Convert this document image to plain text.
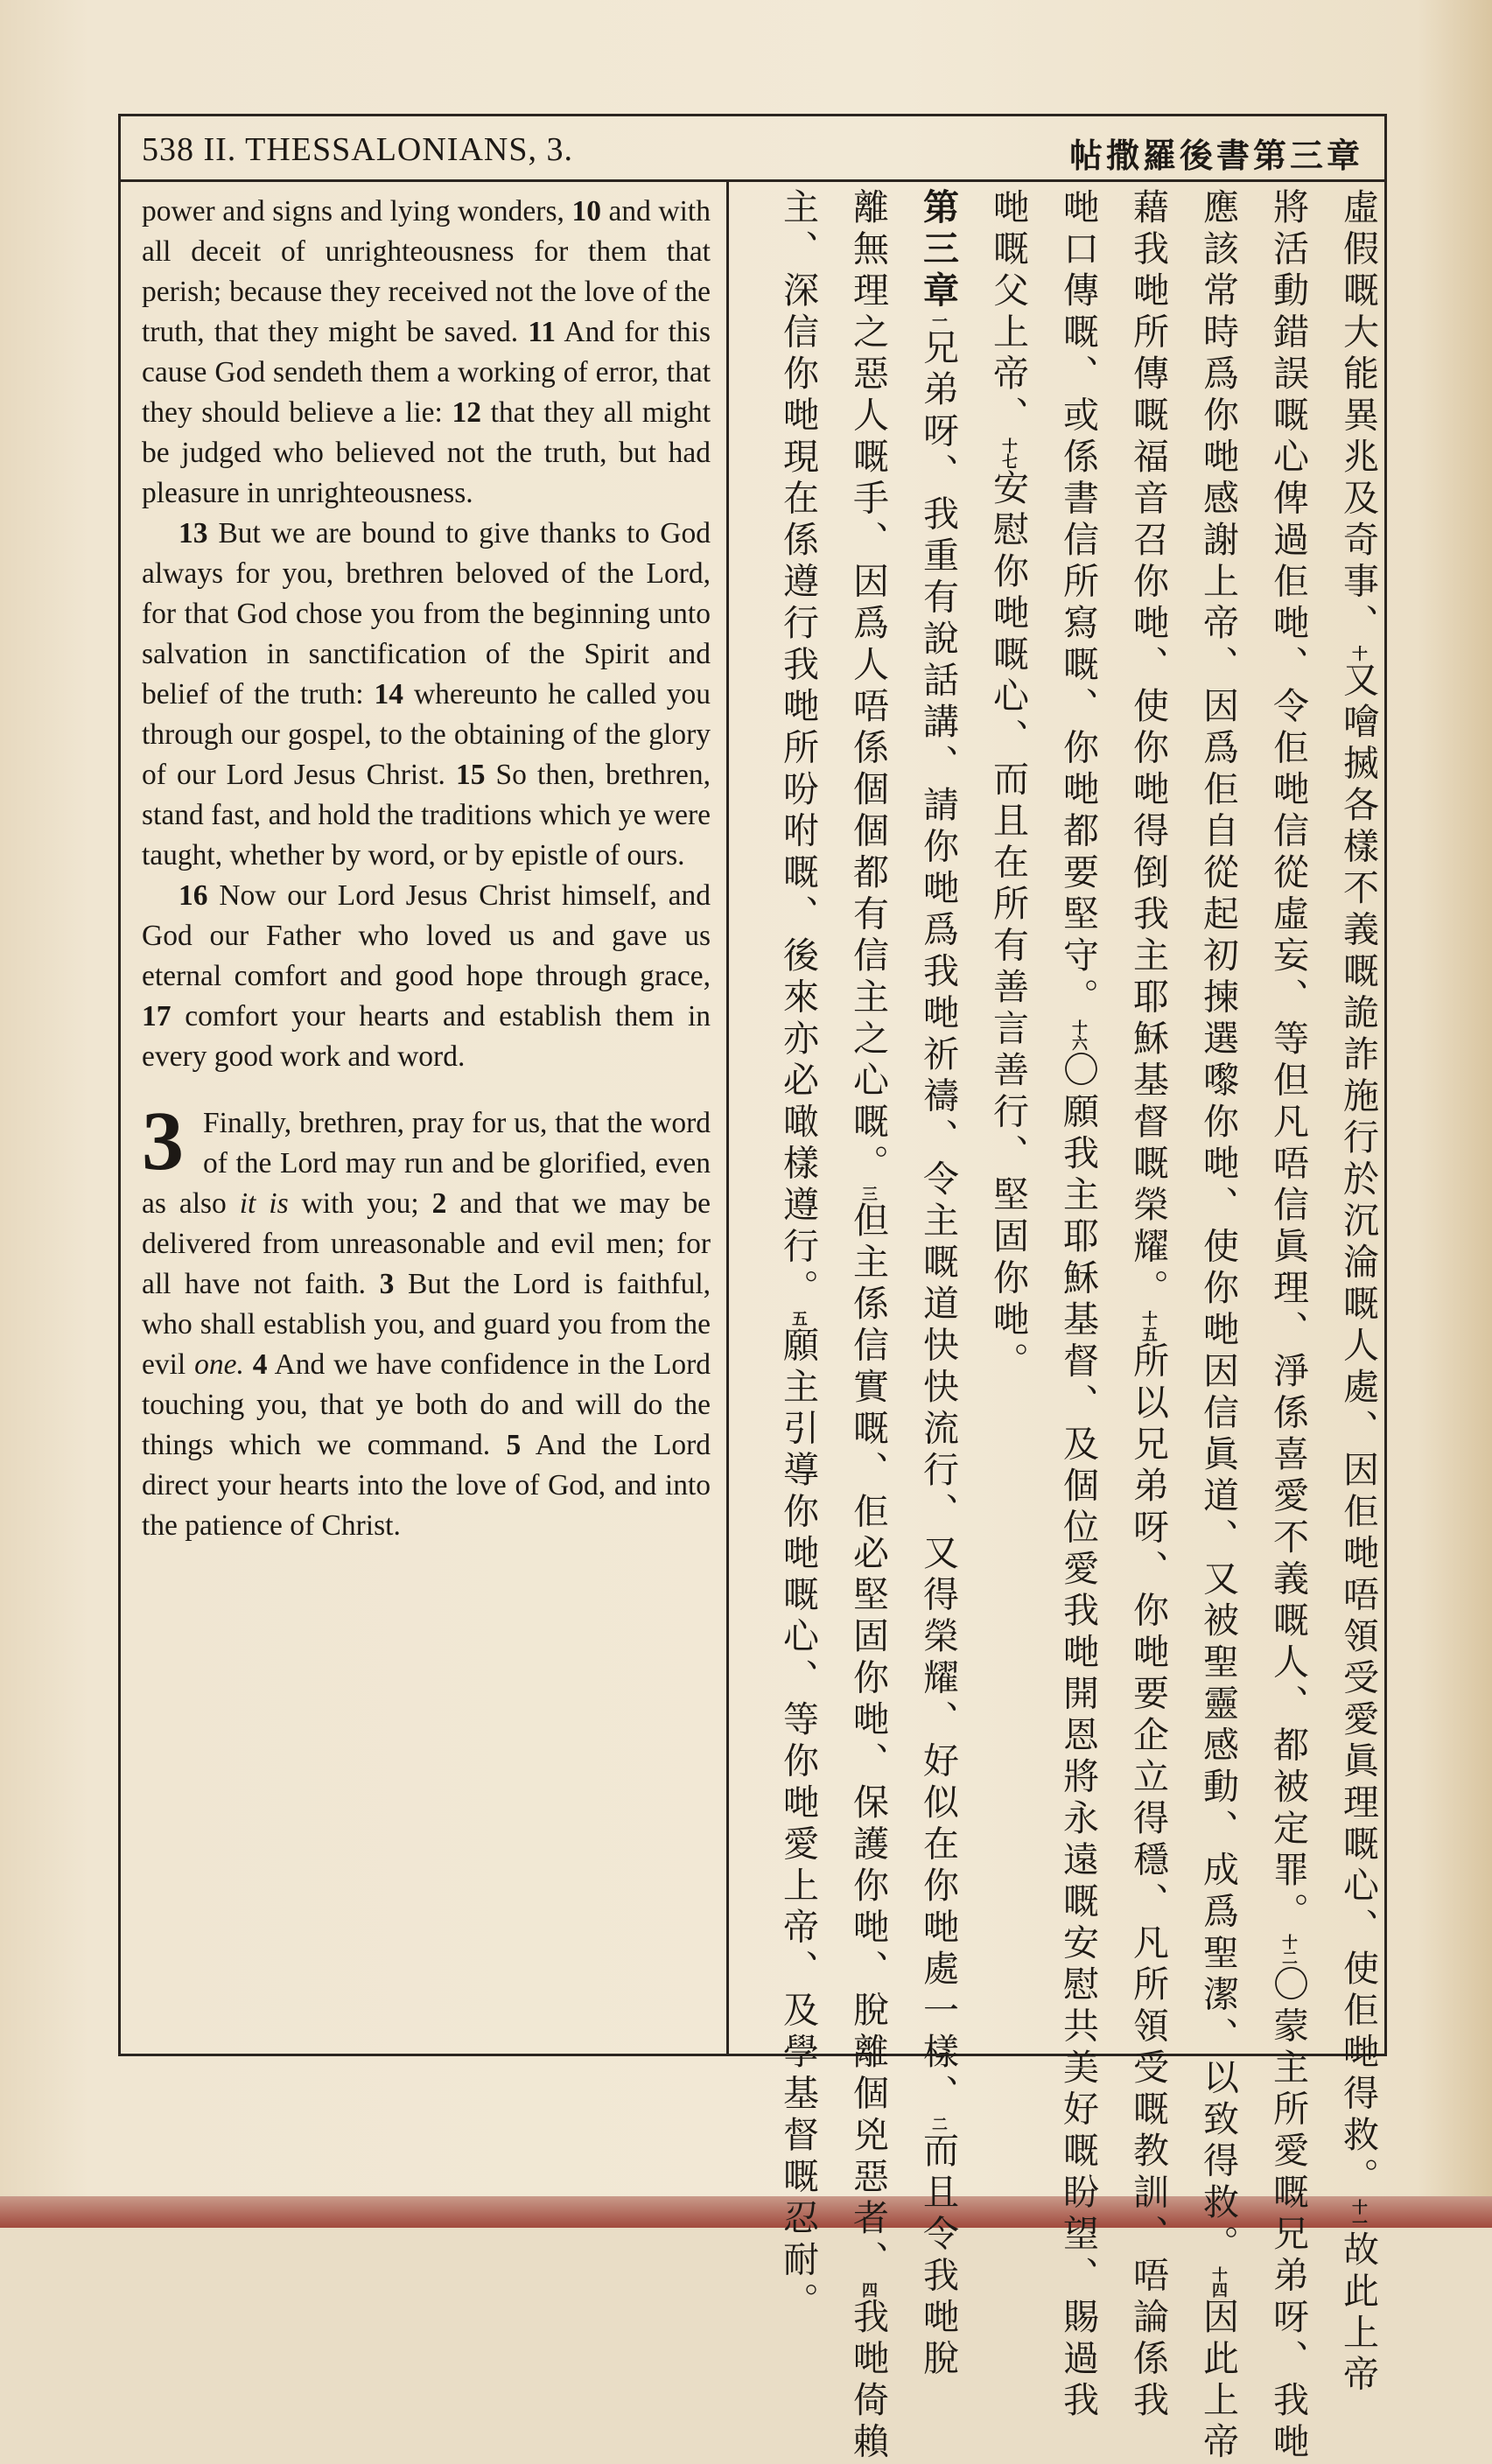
538 II. THESSALONIANS, 3.	帖撒羅後書第三章

power and signs and lying wonders, 10 and with all deceit of unrighteousness for them that perish; because they received not the love of the truth, that they might be saved. 11 And for this cause God sendeth them a working of error, that they should believe a lie: 12 that they all might be judged who believed not the truth, but had pleasure in unrighteousness.

13 But we are bound to give thanks to God always for you, brethren beloved of the Lord, for that God chose you from the beginning unto salvation in sanctification of the Spirit and belief of the truth: 14 whereunto he called you through our gospel, to the obtaining of the glory of our Lord Jesus Christ. 15 So then, brethren, stand fast, and hold the traditions which ye were taught, whether by word, or by epistle of ours.

16 Now our Lord Jesus Christ himself, and God our Father who loved us and gave us eternal comfort and good hope through grace, 17 comfort your hearts and establish them in every good work and word.

3 Finally, brethren, pray for us, that the word of the Lord may run and be glorified, even as also it is with you; 2 and that we may be delivered from unreasonable and evil men; for all have not faith. 3 But the Lord is faithful, who shall establish you, and guard you from the evil one. 4 And we have confidence in the Lord touching you, that ye both do and will do the things which we command. 5 And the Lord direct your hearts into the love of God, and into the patience of Christ.
虛假嘅大能異兆及奇事、十又噲搣各樣不義嘅詭詐施行於沉淪嘅人處、因佢哋唔領受愛眞理嘅心、使佢哋得救。十一故此上帝
將活動錯誤嘅心俾過佢哋、令佢哋信從虛妄、等但凡唔信眞理、淨係喜愛不義嘅人、都被定罪。十二〇蒙主所愛嘅兄弟呀、我哋
應該常時爲你哋感謝上帝、因爲佢自從起初揀選嚟你哋、使你哋因信眞道、又被聖靈感動、成爲聖潔、以致得救。十四因此上帝
藉我哋所傳嘅福音召你哋、使你哋得倒我主耶穌基督嘅榮耀。十五所以兄弟呀、你哋要企立得穩、凡所領受嘅教訓、唔論係我
哋口傳嘅、或係書信所寫嘅、你哋都要堅守。十六〇願我主耶穌基督、及個位愛我哋開恩將永遠嘅安慰共美好嘅盼望、賜過我
哋嘅父上帝、十七安慰你哋嘅心、而且在所有善言善行、堅固你哋。
第三章一兄弟呀、我重有說話講、請你哋爲我哋祈禱、令主嘅道快快流行、又得榮耀、好似在你哋處一樣、二而且令我哋脫
離無理之惡人嘅手、因爲人唔係個個都有信主之心嘅。三但主係信實嘅、佢必堅固你哋、保護你哋、脫離個兇惡者、四我哋倚賴
主、深信你哋現在係遵行我哋所吩咐嘅、後來亦必噉樣遵行。五願主引導你哋嘅心、等你哋愛上帝、及學基督嘅忍耐。
